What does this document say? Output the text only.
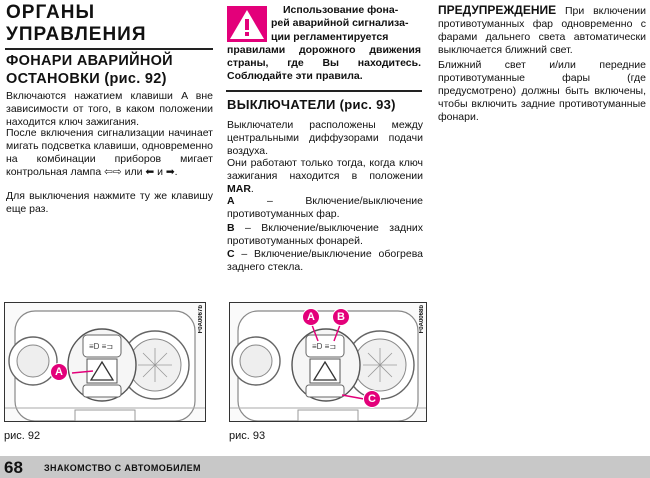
ОРГАНЫ
УПРАВЛЕНИЯ
ФОНАРИ АВАРИЙНОЙ
ОСТАНОВКИ (рис. 92)
Включаются нажатием клавиши A вне зависимости от того, в каком положении находится ключ зажигания.
После включения сигнализации начинает мигать подсветка клавиши, одновременно на комбинации приборов мигает контрольная лампа ⇦⇨ или ⬅ и ➡.
Для выключения нажмите ту же клавишу еще раз.
Использование фона-
рей аварийной сигнализа-
ции регламентируется
правилами дорожного движения страны, где Вы находитесь. Соблюдайте эти правила.
ВЫКЛЮЧАТЕЛИ (рис. 93)
Выключатели расположены между центральными диффузорами подачи воздуха.
Они работают только тогда, когда ключ зажигания находится в положении MAR.
A – Включение/выключение противотуманных фар.
B – Включение/выключение задних противотуманных фонарей.
C – Включение/выключение обогрева заднего стекла.
ПРЕДУПРЕЖДЕНИЕ При включении противотуманных фар одновременно с фарами дальнего света автоматически выключается ближний свет.
Ближний свет и/или передние противотуманные фары (где предусмотрено) должны быть включены, чтобы включить задние противотуманные фонари.
≡D ≡⊐
A
F0A0067b
рис. 92
≡D ≡⊐
A	B
C
F0A0068b
рис. 93
68 ЗНАКОМСТВО С АВТОМОБИЛЕМ
